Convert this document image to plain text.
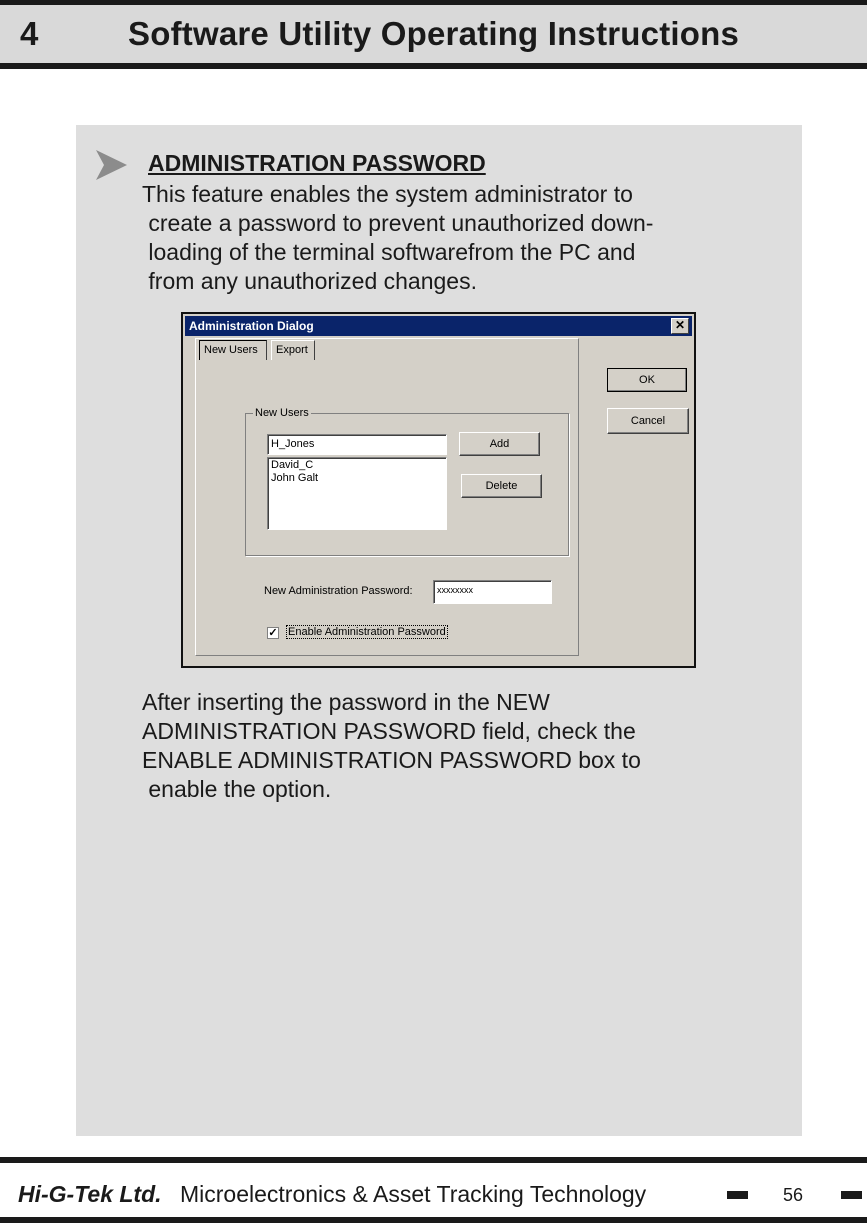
4	Software Utility Operating Instructions
ADMINISTRATION PASSWORD
This feature enables the system administrator to
create a password to prevent unauthorized down-
loading of the terminal softwarefrom the PC and
from any unauthorized changes.
Administration Dialog	✕
New Users	Export
New Users
H_Jones
David_C
John Galt
Add
Delete
OK
Cancel
New Administration Password:	xxxxxxxx
✓ Enable Administration Password
After inserting the password in the NEW
ADMINISTRATION PASSWORD field, check the
ENABLE ADMINISTRATION PASSWORD box to
enable the option.
Hi-G-Tek Ltd. Microelectronics & Asset Tracking Technology	56
